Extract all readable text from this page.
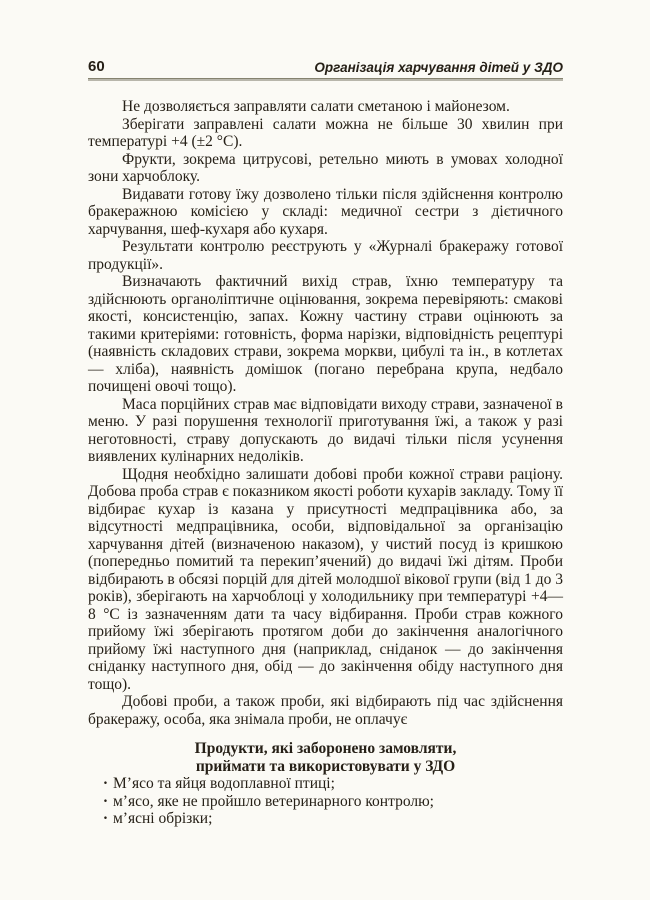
60	Організація харчування дітей у ЗДО

Не дозволяється заправляти салати сметаною і майонезом.

Зберігати заправлені салати можна не більше 30 хвилин при температурі +4 (±2 °C).

Фрукти, зокрема цитрусові, ретельно миють в умовах холодної зони харчоблоку.

Видавати готову їжу дозволено тільки після здійснення контролю бракеражною комісією у складі: медичної сестри з дієтичного харчування, шеф-кухаря або кухаря.

Результати контролю реєструють у «Журналі бракеражу готової продукції».

Визначають фактичний вихід страв, їхню температуру та здійснюють органоліптичне оцінювання, зокрема перевіряють: смакові якості, консистенцію, запах. Кожну частину страви оцінюють за такими критеріями: готовність, форма нарізки, відповідність рецептурі (наявність складових страви, зокрема моркви, цибулі та ін., в котлетах — хліба), наявність домішок (погано перебрана крупа, недбало почищені овочі тощо).

Маса порційних страв має відповідати виходу страви, зазначеної в меню. У разі порушення технології приготування їжі, а також у разі неготовності, страву допускають до видачі тільки після усунення виявлених кулінарних недоліків.

Щодня необхідно залишати добові проби кожної страви раціону. Добова проба страв є показником якості роботи кухарів закладу. Тому її відбирає кухар із казана у присутності медпрацівника або, за відсутності медпрацівника, особи, відповідальної за організацію харчування дітей (визначеною наказом), у чистий посуд із кришкою (попередньо помитий та перекип’ячений) до видачі їжі дітям. Проби відбирають в обсязі порцій для дітей молодшої вікової групи (від 1 до 3 років), зберігають на харчоблоці у холодильнику при температурі +4—8 °C із зазначенням дати та часу відбирання. Проби страв кожного прийому їжі зберігають протягом доби до закінчення аналогічного прийому їжі наступного дня (наприклад, сніданок — до закінчення сніданку наступного дня, обід — до закінчення обіду наступного дня тощо).

Добові проби, а також проби, які відбирають під час здійснення бракеражу, особа, яка знімала проби, не оплачує

Продукти, які заборонено замовляти,
приймати та використовувати у ЗДО
· М’ясо та яйця водоплавної птиці;
· м’ясо, яке не пройшло ветеринарного контролю;
· м’ясні обрізки;
